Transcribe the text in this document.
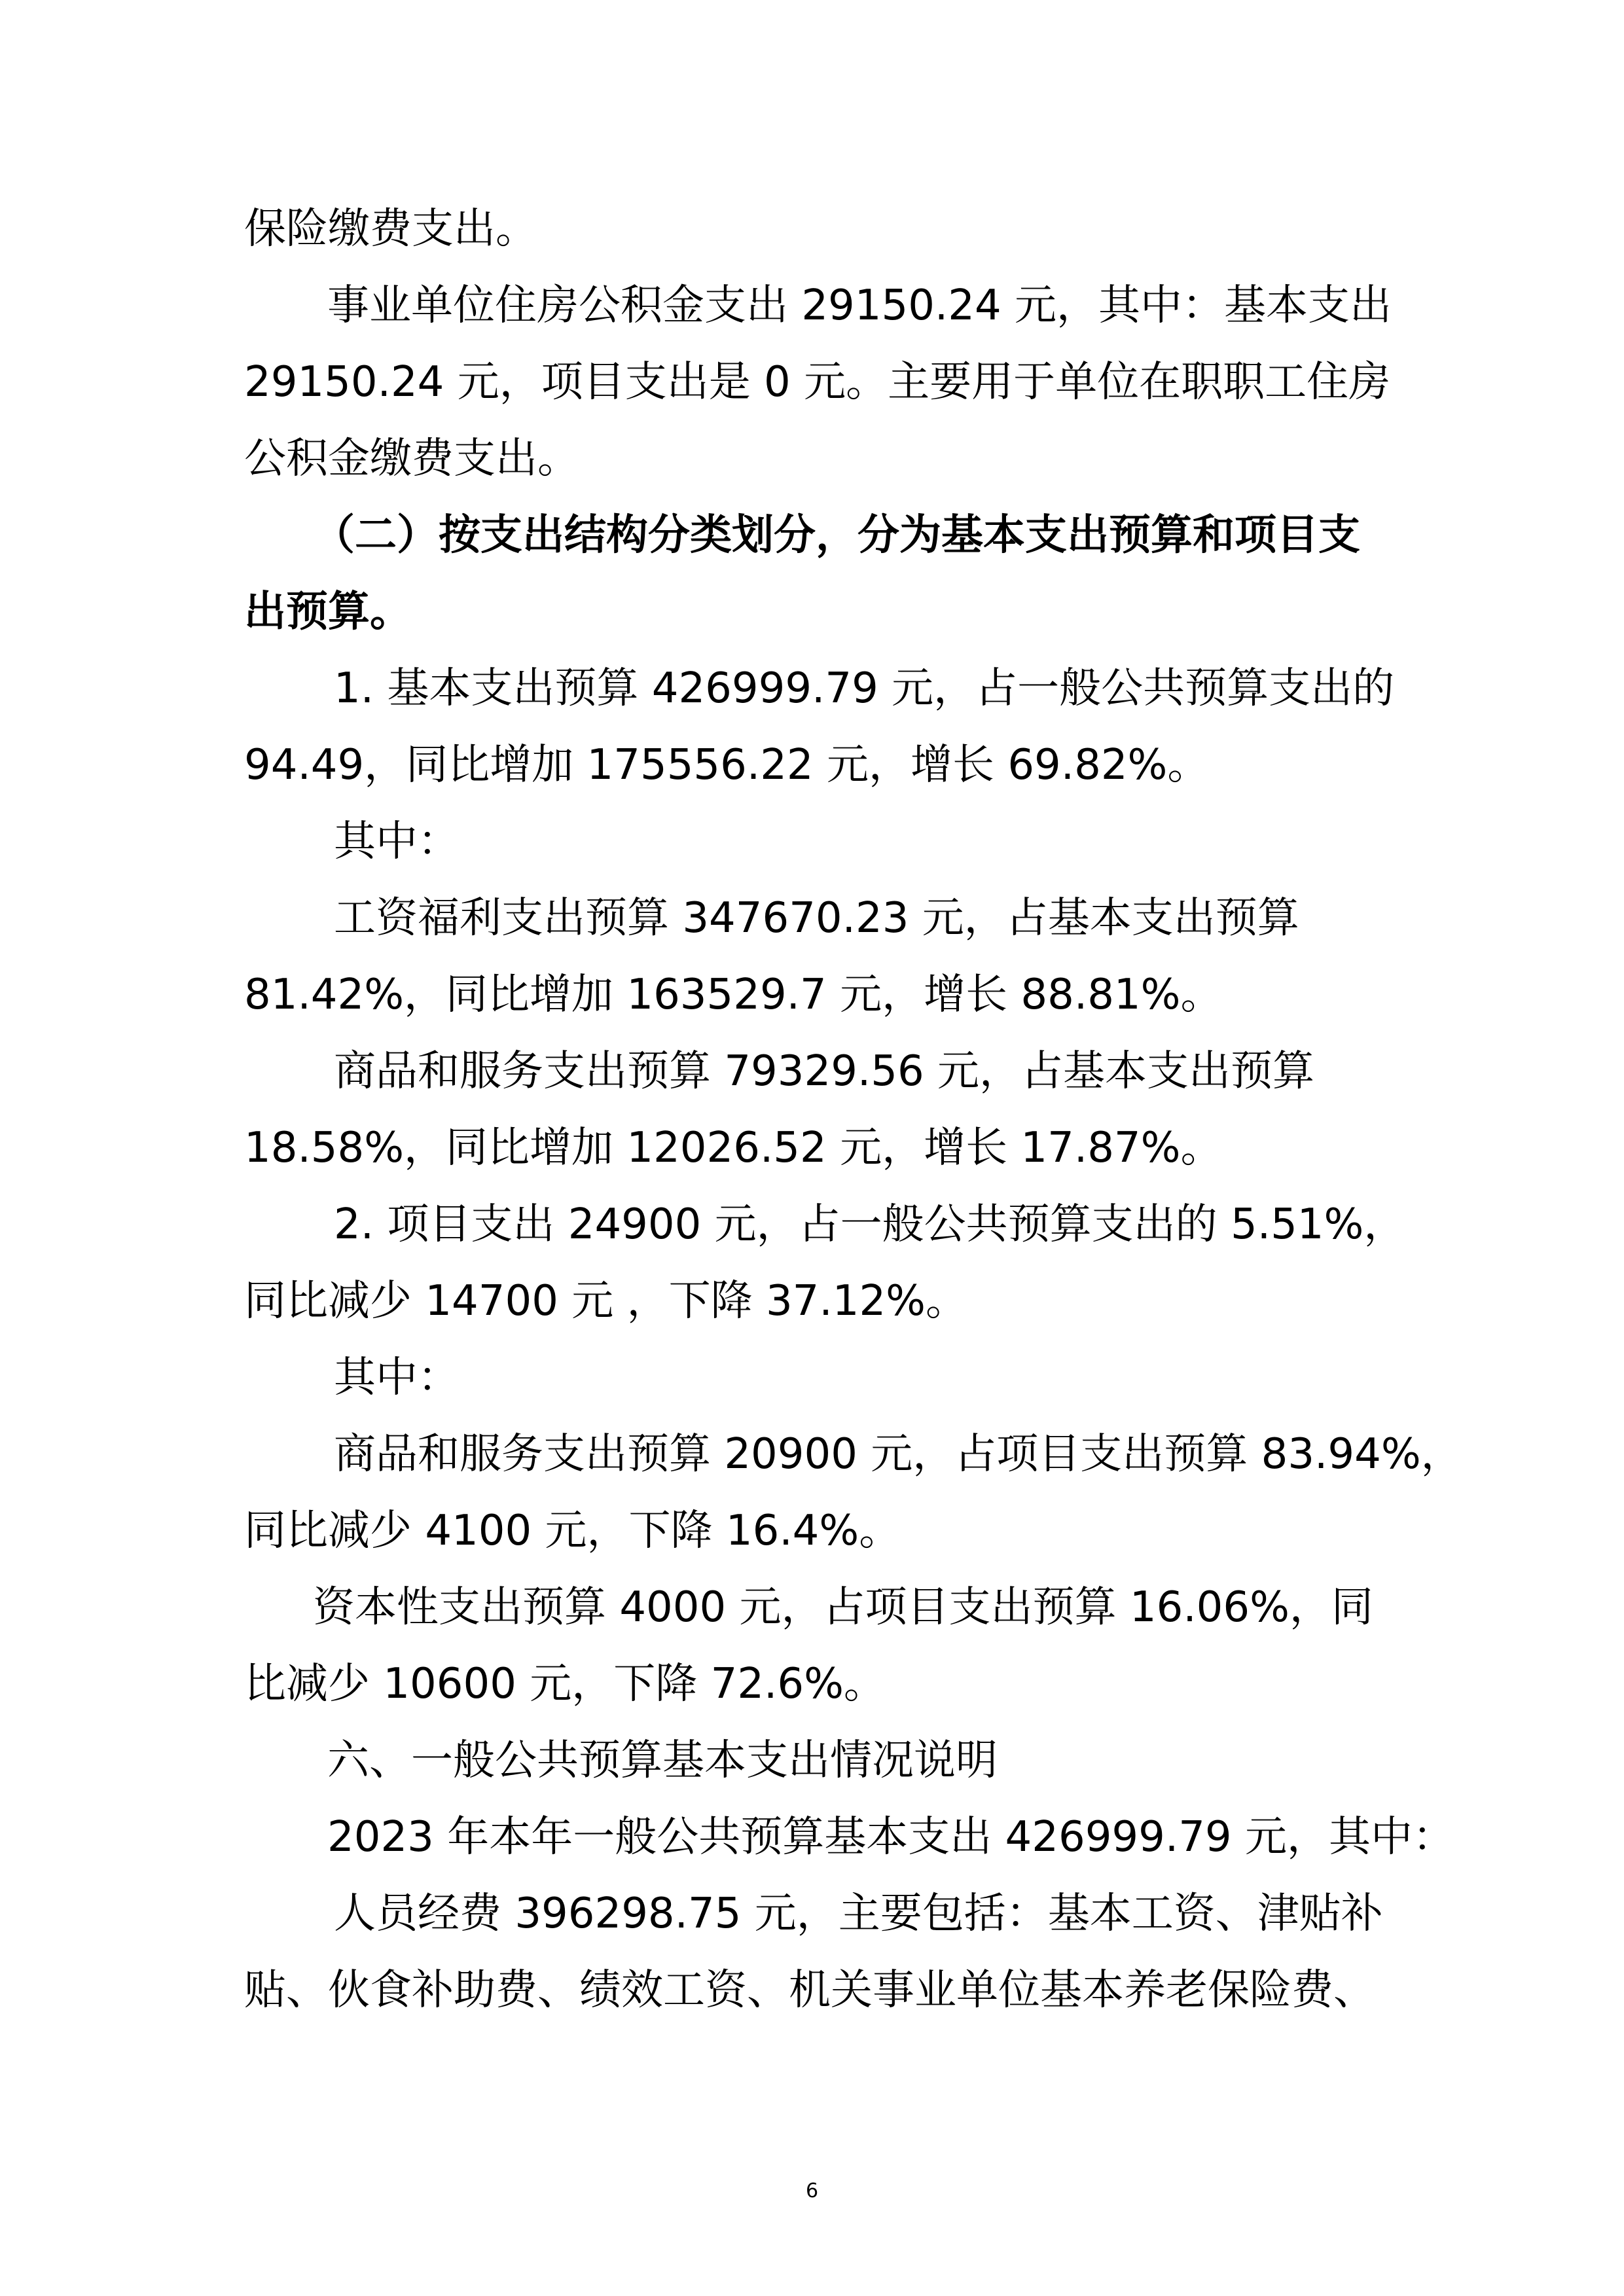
保险缴费支出。
事业单位住房公积金支出 29150.24 元，其中：基本支出
29150.24 元，项目支出是 0 元。主要用于单位在职职工住房
公积金缴费支出。
（二）按支出结构分类划分，分为基本支出预算和项目支
出预算。
1. 基本支出预算 426999.79 元，占一般公共预算支出的
94.49，同比增加 175556.22 元，增长 69.82%。
其中：
工资福利支出预算 347670.23 元，占基本支出预算
81.42%，同比增加 163529.7 元，增长 88.81%。
商品和服务支出预算 79329.56 元，占基本支出预算
18.58%，同比增加 12026.52 元，增长 17.87%。
2. 项目支出 24900 元，占一般公共预算支出的 5.51%，
同比减少 14700 元 ，下降 37.12%。
其中：
商品和服务支出预算 20900 元，占项目支出预算 83.94%，
同比减少 4100 元，下降 16.4%。
资本性支出预算 4000 元，占项目支出预算 16.06%，同
比减少 10600 元，下降 72.6%。
六、一般公共预算基本支出情况说明
2023 年本年一般公共预算基本支出 426999.79 元，其中：
人员经费 396298.75 元，主要包括：基本工资、津贴补
贴、伙食补助费、绩效工资、机关事业单位基本养老保险费、
6
